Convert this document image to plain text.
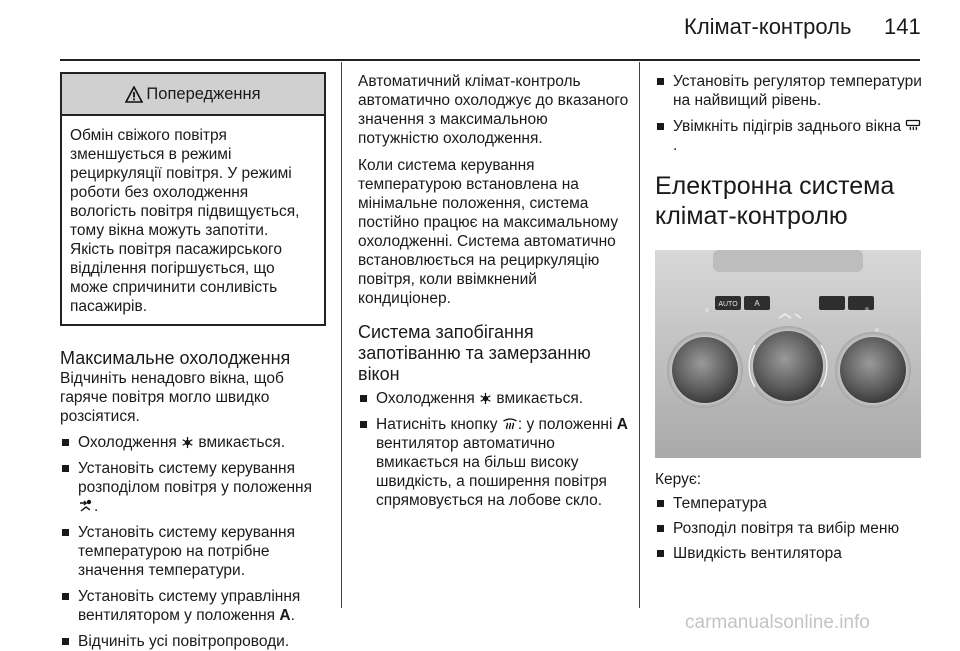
Клімат-контроль 141
Попередження
Обмін свіжого повітря зменшується в режимі рециркуляції повітря. У режимі роботи без охолодження вологість повітря підвищується, тому вікна можуть запотіти. Якість повітря пасажирського відділення погіршується, що може спричинити сонливість пасажирів.
Максимальне охолодження

Відчиніть ненадовго вікна, щоб гаряче повітря могло швидко розсіятися.

Охолодження  вмикається.
Установіть систему керування розподілом повітря у положення .
Установіть систему керування температурою на потрібне значення температури.
Установіть систему управління вентилятором у положення A.
Відчиніть усі повітропроводи.

Автоматичний клімат-контроль автоматично охолоджує до вказаного значення з максимальною потужністю охолодження.

Коли система керування температурою встановлена на мінімальне положення, система постійно працює на максимальному охолодженні. Система автоматично встановлюється на рециркуляцію повітря, коли ввімкнений кондиціонер.

Система запобігання запотіванню та замерзанню вікон
Охолодження  вмикається.
Натисніть кнопку : у положенні A вентилятор автоматично вмикається на більш високу швидкість, а поширення повітря спрямовується на лобове скло.
Установіть регулятор температури на найвищий рівень.
Увімкніть підігрів заднього вікна .
Електронна система клімат-контролю
AUTO A

Керує:

Температура
Розподіл повітря та вибір меню
Швидкість вентилятора
carmanualsonline.info
